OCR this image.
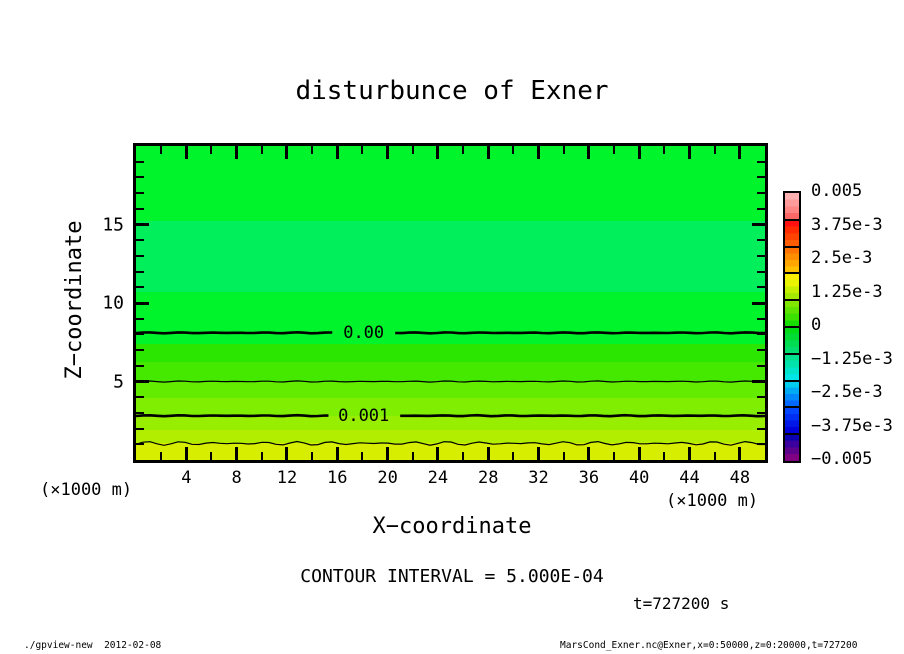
disturbunce of Exner
Z−coordinate	0.00
0.001
4 8 12 16 20 24 28 32 36 40 44 48
5
10
15
(×1000 m)
(×1000 m)
X−coordinate
CONTOUR INTERVAL = 5.000E-04
t=727200 s
0.005
3.75e-3
2.5e-3
1.25e-3
0
−1.25e-3
−2.5e-3
−3.75e-3
−0.005
./gpview-new  2012-02-08	MarsCond_Exner.nc@Exner,x=0:50000,z=0:20000,t=727200
